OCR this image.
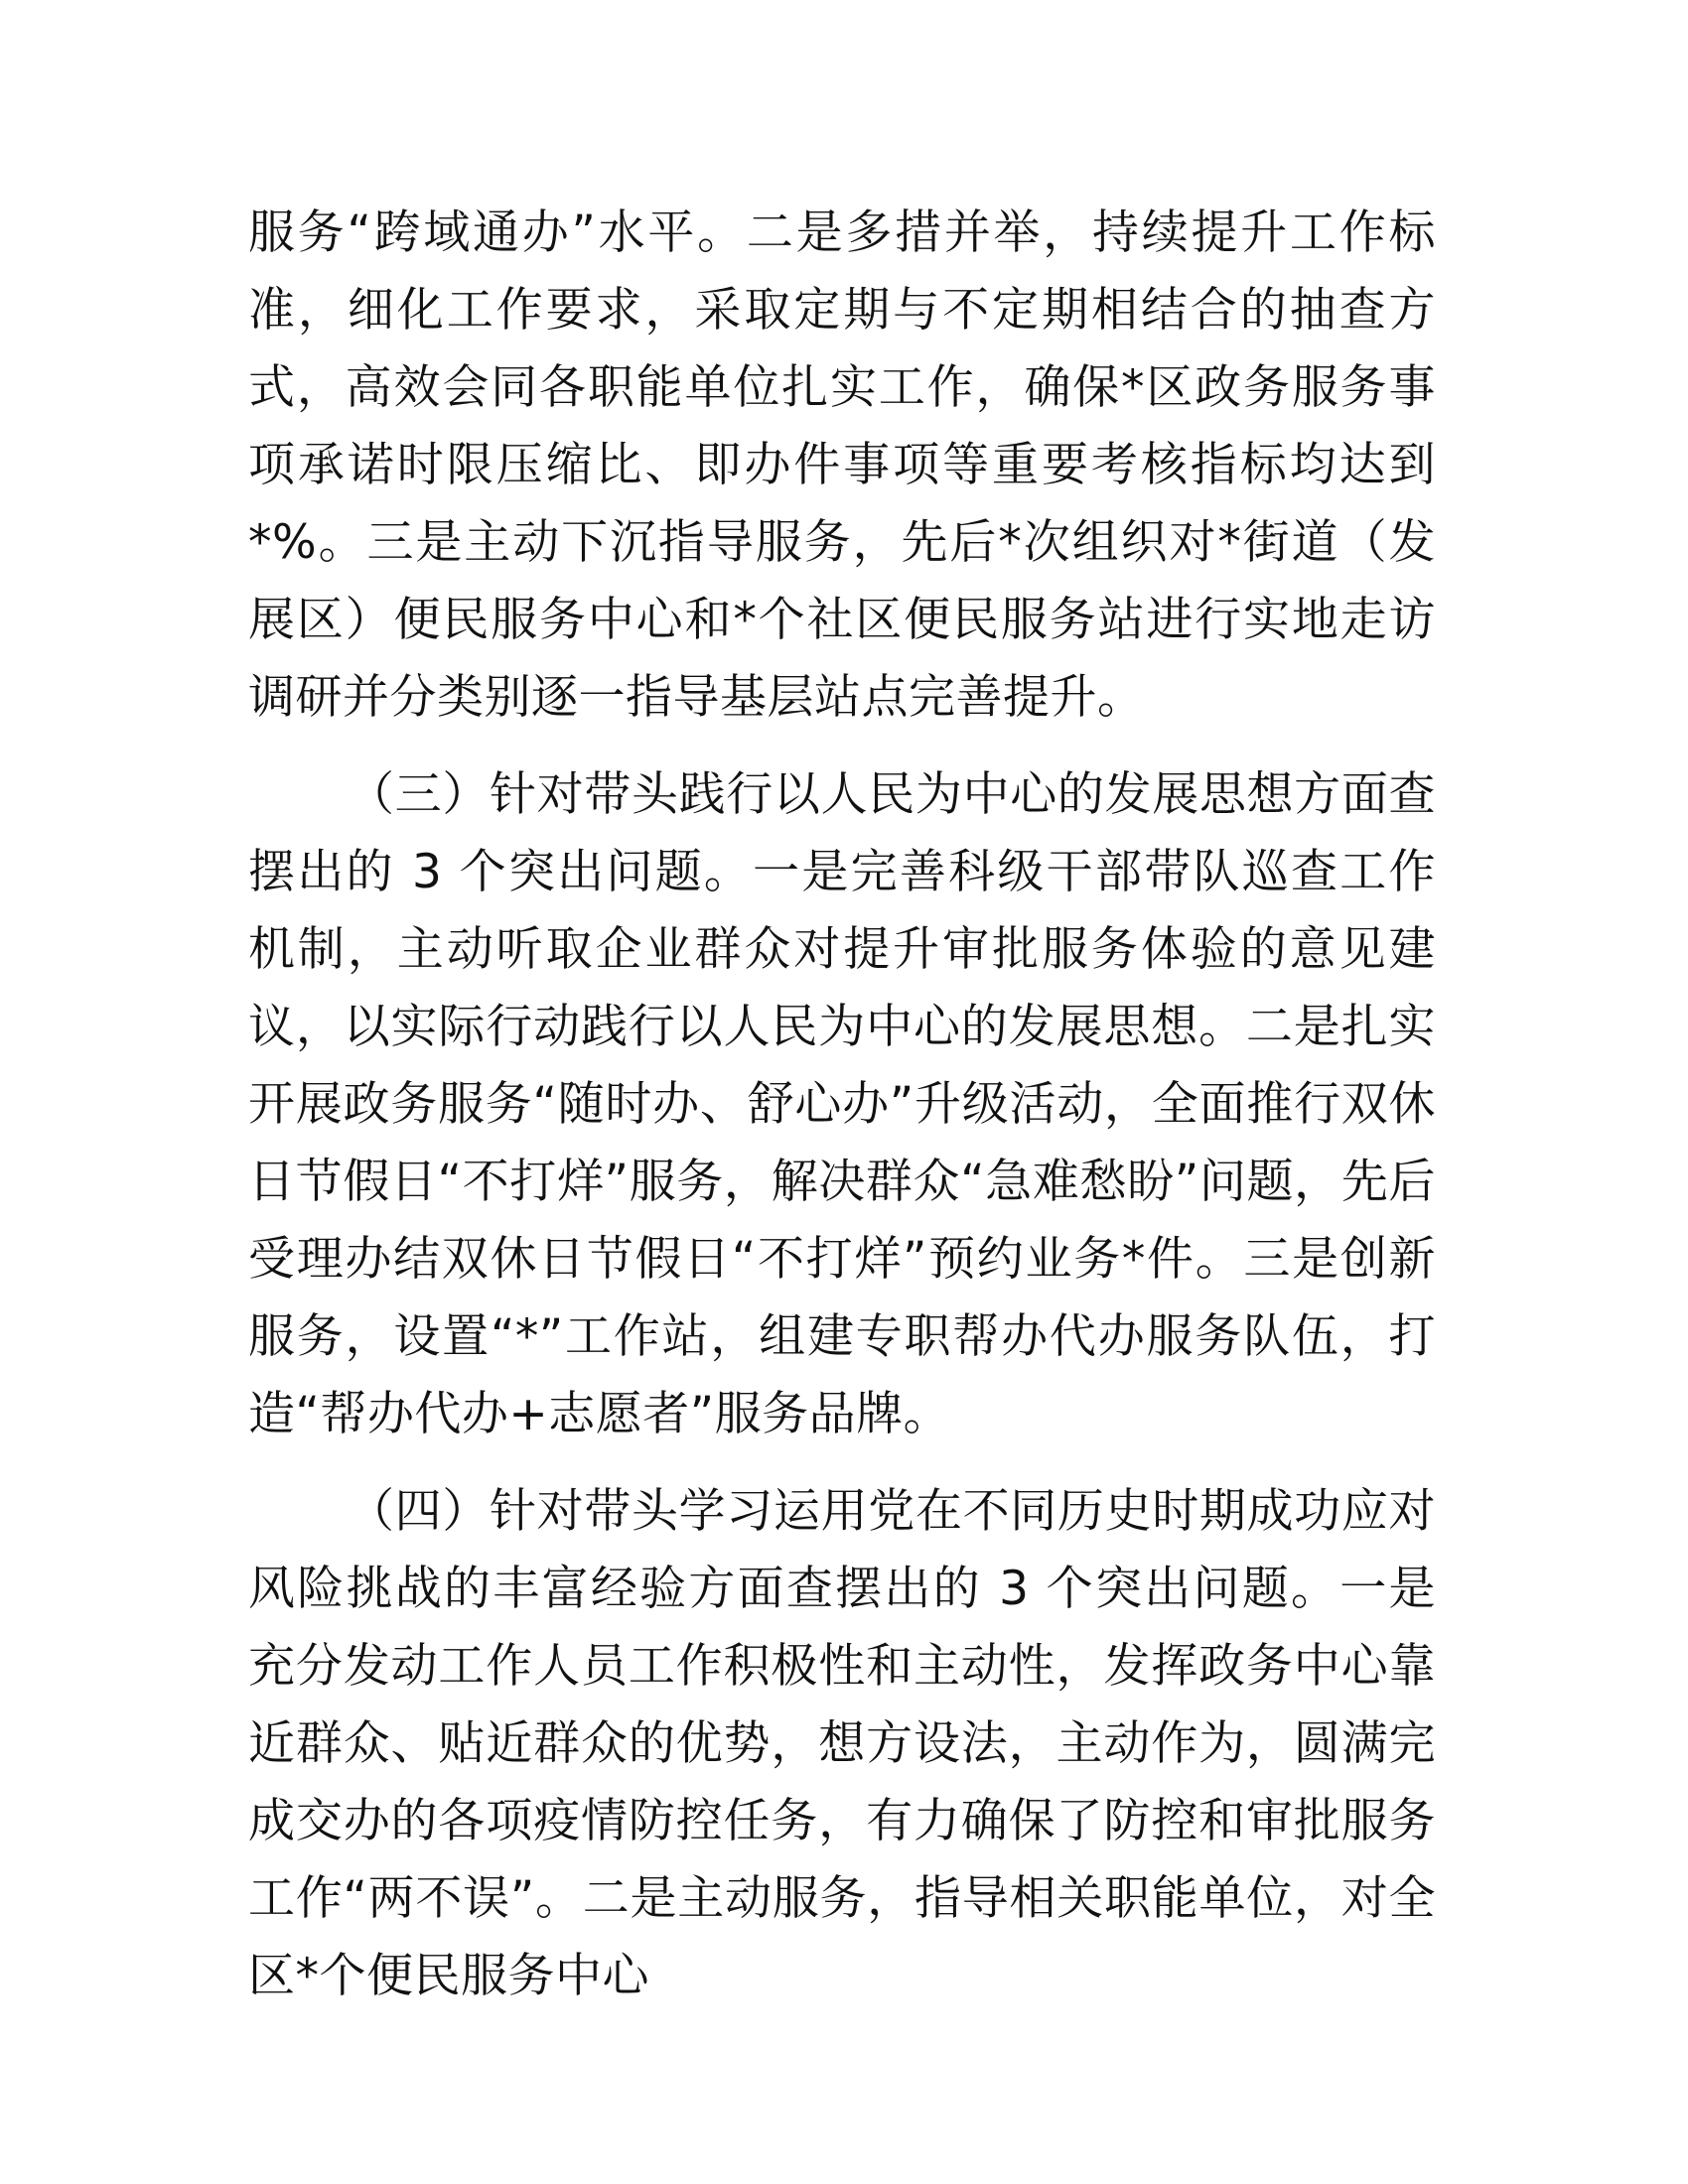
服务“跨域通办”水平。二是多措并举，持续提升工作标准，细化工作要求，采取定期与不定期相结合的抽查方式，高效会同各职能单位扎实工作，确保*区政务服务事项承诺时限压缩比、即办件事项等重要考核指标均达到*%。三是主动下沉指导服务，先后*次组织对*街道（发展区）便民服务中心和*个社区便民服务站进行实地走访调研并分类别逐一指导基层站点完善提升。

（三）针对带头践行以人民为中心的发展思想方面查摆出的 3 个突出问题。一是完善科级干部带队巡查工作机制，主动听取企业群众对提升审批服务体验的意见建议，以实际行动践行以人民为中心的发展思想。二是扎实开展政务服务“随时办、舒心办”升级活动，全面推行双休日节假日“不打烊”服务，解决群众“急难愁盼”问题，先后受理办结双休日节假日“不打烊”预约业务*件。三是创新服务，设置“*”工作站，组建专职帮办代办服务队伍，打造“帮办代办+志愿者”服务品牌。

（四）针对带头学习运用党在不同历史时期成功应对风险挑战的丰富经验方面查摆出的 3 个突出问题。一是充分发动工作人员工作积极性和主动性，发挥政务中心靠近群众、贴近群众的优势，想方设法，主动作为，圆满完成交办的各项疫情防控任务，有力确保了防控和审批服务工作“两不误”。二是主动服务，指导相关职能单位，对全区*个便民服务中心
